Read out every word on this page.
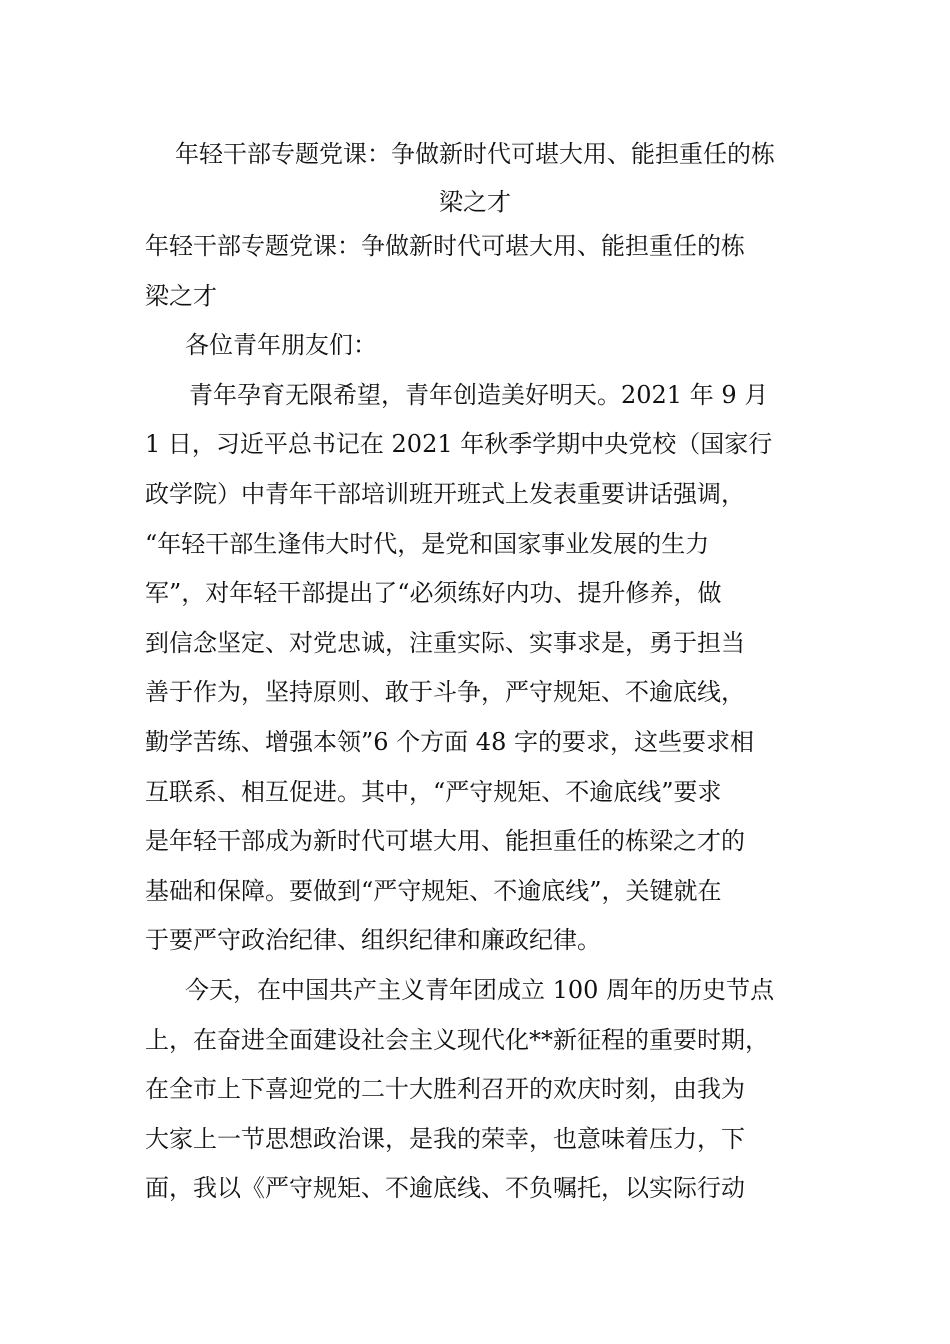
年轻干部专题党课：争做新时代可堪大用、能担重任的栋
梁之才
年轻干部专题党课：争做新时代可堪大用、能担重任的栋
梁之才
各位青年朋友们：
青年孕育无限希望，青年创造美好明天。2021 年 9 月
1 日，习近平总书记在 2021 年秋季学期中央党校（国家行
政学院）中青年干部培训班开班式上发表重要讲话强调，
“年轻干部生逢伟大时代，是党和国家事业发展的生力
军”，对年轻干部提出了“必须练好内功、提升修养，做
到信念坚定、对党忠诚，注重实际、实事求是，勇于担当
善于作为，坚持原则、敢于斗争，严守规矩、不逾底线，
勤学苦练、增强本领”6 个方面 48 字的要求，这些要求相
互联系、相互促进。其中，“严守规矩、不逾底线”要求
是年轻干部成为新时代可堪大用、能担重任的栋梁之才的
基础和保障。要做到“严守规矩、不逾底线”，关键就在
于要严守政治纪律、组织纪律和廉政纪律。
今天，在中国共产主义青年团成立 100 周年的历史节点
上，在奋进全面建设社会主义现代化**新征程的重要时期，
在全市上下喜迎党的二十大胜利召开的欢庆时刻，由我为
大家上一节思想政治课，是我的荣幸，也意味着压力，下
面，我以《严守规矩、不逾底线、不负嘱托，以实际行动
